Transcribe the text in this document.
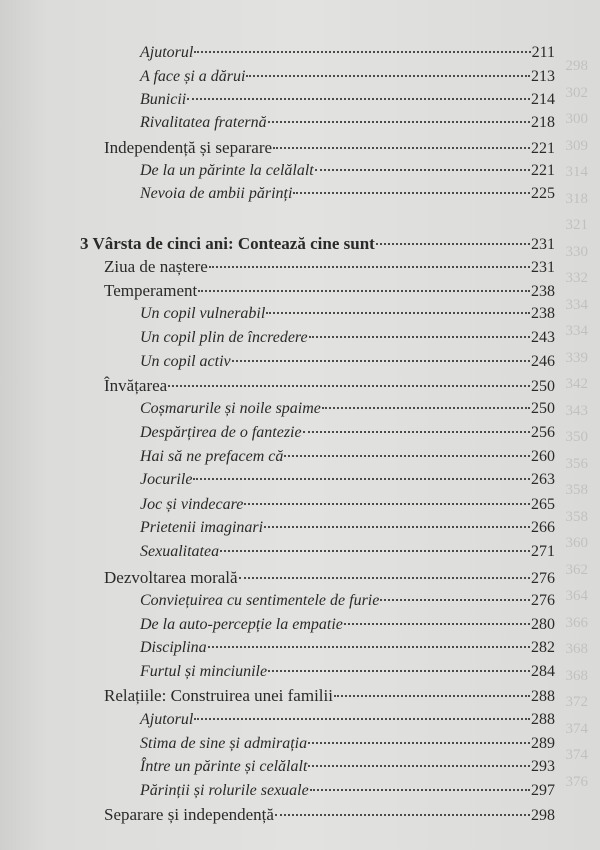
298
302
300
309
314
318
321
330
332
334
334
339
342
343
350
356
358
358
360
362
364
366
368
368
372
374
374
376
Ajutorul	211
A face și a dărui	213
Bunicii	214
Rivalitatea fraternă	218
Independență și separare	221
De la un părinte la celălalt	221
Nevoia de ambii părinți	225
3 Vârsta de cinci ani: Contează cine sunt	231
Ziua de naștere	231
Temperament	238
Un copil vulnerabil	238
Un copil plin de încredere	243
Un copil activ	246
Învățarea	250
Coșmarurile și noile spaime	250
Despărțirea de o fantezie	256
Hai să ne prefacem că	260
Jocurile	263
Joc și vindecare	265
Prietenii imaginari	266
Sexualitatea	271
Dezvoltarea morală	276
Conviețuirea cu sentimentele de furie	276
De la auto-percepție la empatie	280
Disciplina	282
Furtul și minciunile	284
Relațiile: Construirea unei familii	288
Ajutorul	288
Stima de sine și admirația	289
Între un părinte și celălalt	293
Părinții și rolurile sexuale	297
Separare și independență	298
